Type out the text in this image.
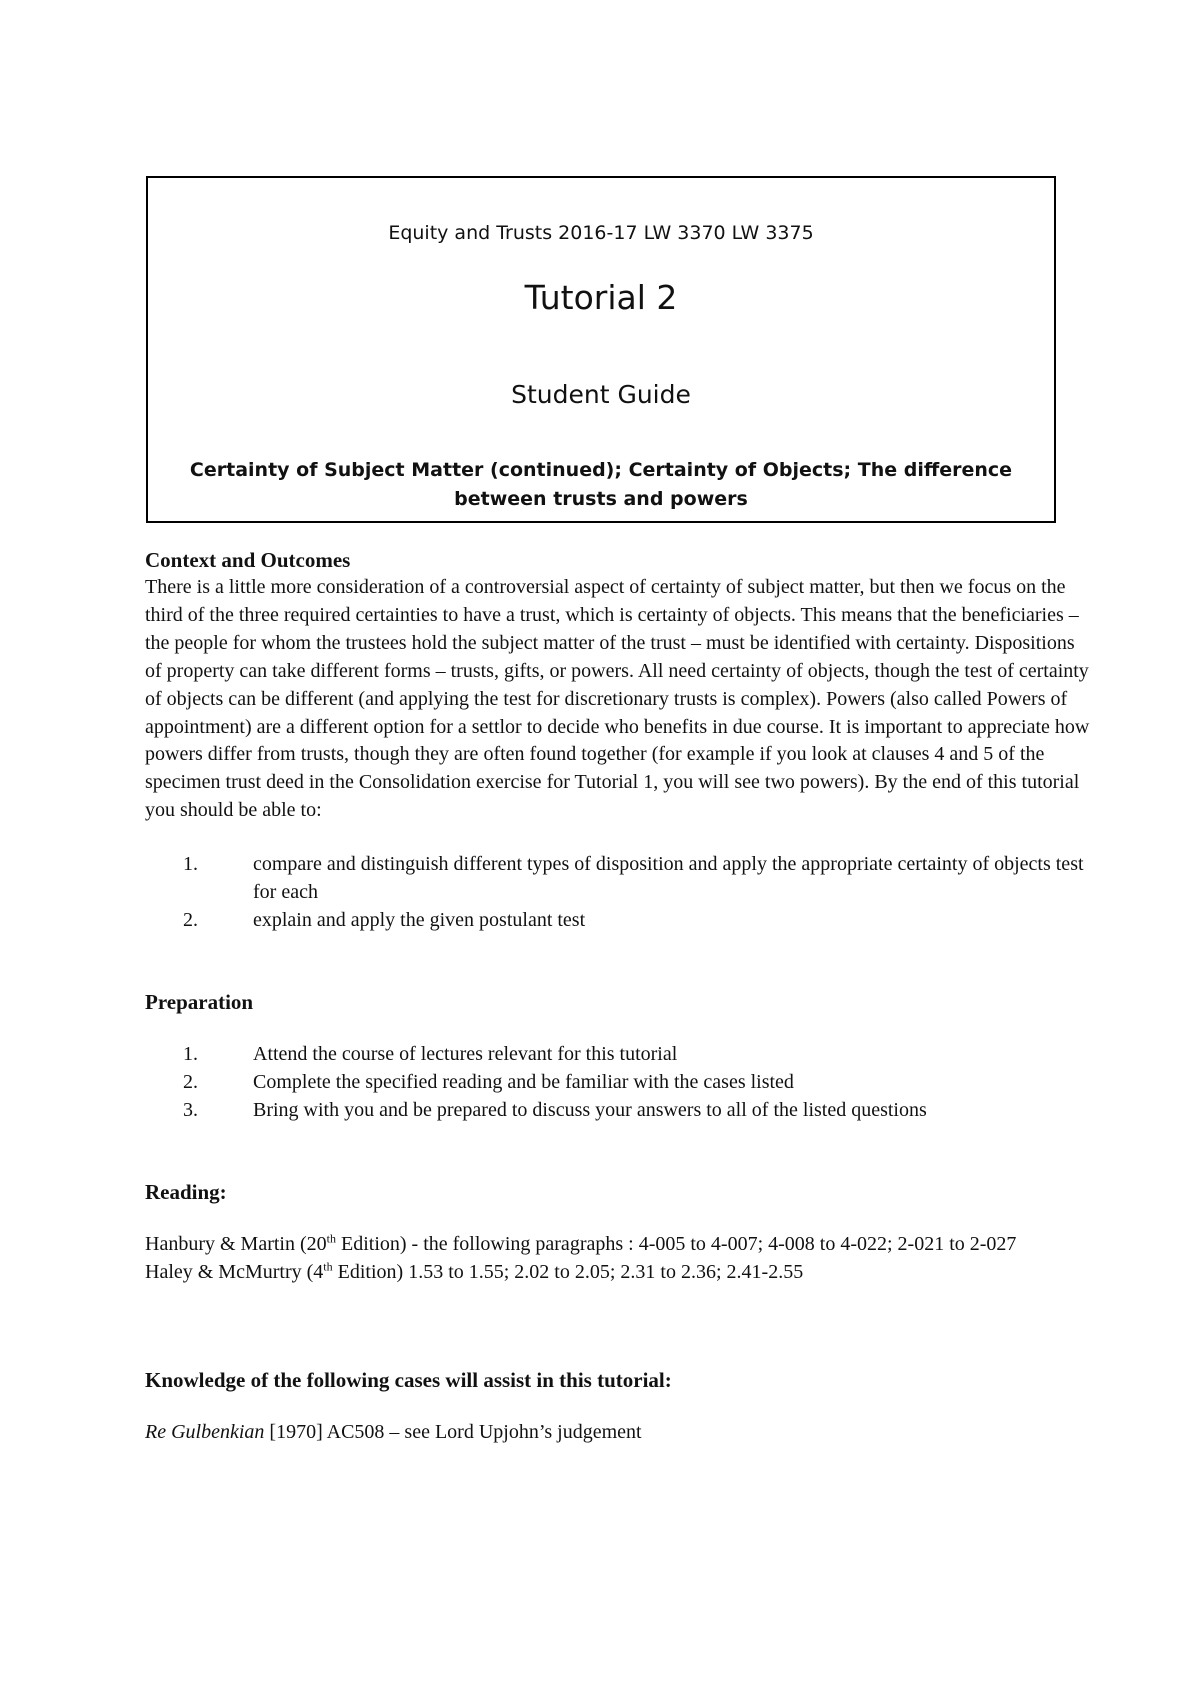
Equity and Trusts 2016-17 LW 3370 LW 3375
Tutorial 2
Student Guide
Certainty of Subject Matter (continued); Certainty of Objects; The difference between trusts and powers
Context and Outcomes

There is a little more consideration of a controversial aspect of certainty of subject matter, but then we focus on the third of the three required certainties to have a trust, which is certainty of objects. This means that the beneficiaries – the people for whom the trustees hold the subject matter of the trust – must be identified with certainty. Dispositions of property can take different forms – trusts, gifts, or powers. All need certainty of objects, though the test of certainty of objects can be different (and applying the test for discretionary trusts is complex). Powers (also called Powers of appointment) are a different option for a settlor to decide who benefits in due course. It is important to appreciate how powers differ from trusts, though they are often found together (for example if you look at clauses 4 and 5 of the specimen trust deed in the Consolidation exercise for Tutorial 1, you will see two powers). By the end of this tutorial you should be able to:

1.	compare and distinguish different types of disposition and apply the appropriate certainty of objects test for each
2.	explain and apply the given postulant test
Preparation
1.	Attend the course of lectures relevant for this tutorial
2.	Complete the specified reading and be familiar with the cases listed
3.	Bring with you and be prepared to discuss your answers to all of the listed questions
Reading:

Hanbury & Martin (20th Edition) - the following paragraphs : 4-005 to 4-007; 4-008 to 4-022; 2-021 to 2-027

Haley & McMurtry (4th Edition) 1.53 to 1.55; 2.02 to 2.05; 2.31 to 2.36; 2.41-2.55

Knowledge of the following cases will assist in this tutorial:

Re Gulbenkian [1970] AC508 – see Lord Upjohn’s judgement
